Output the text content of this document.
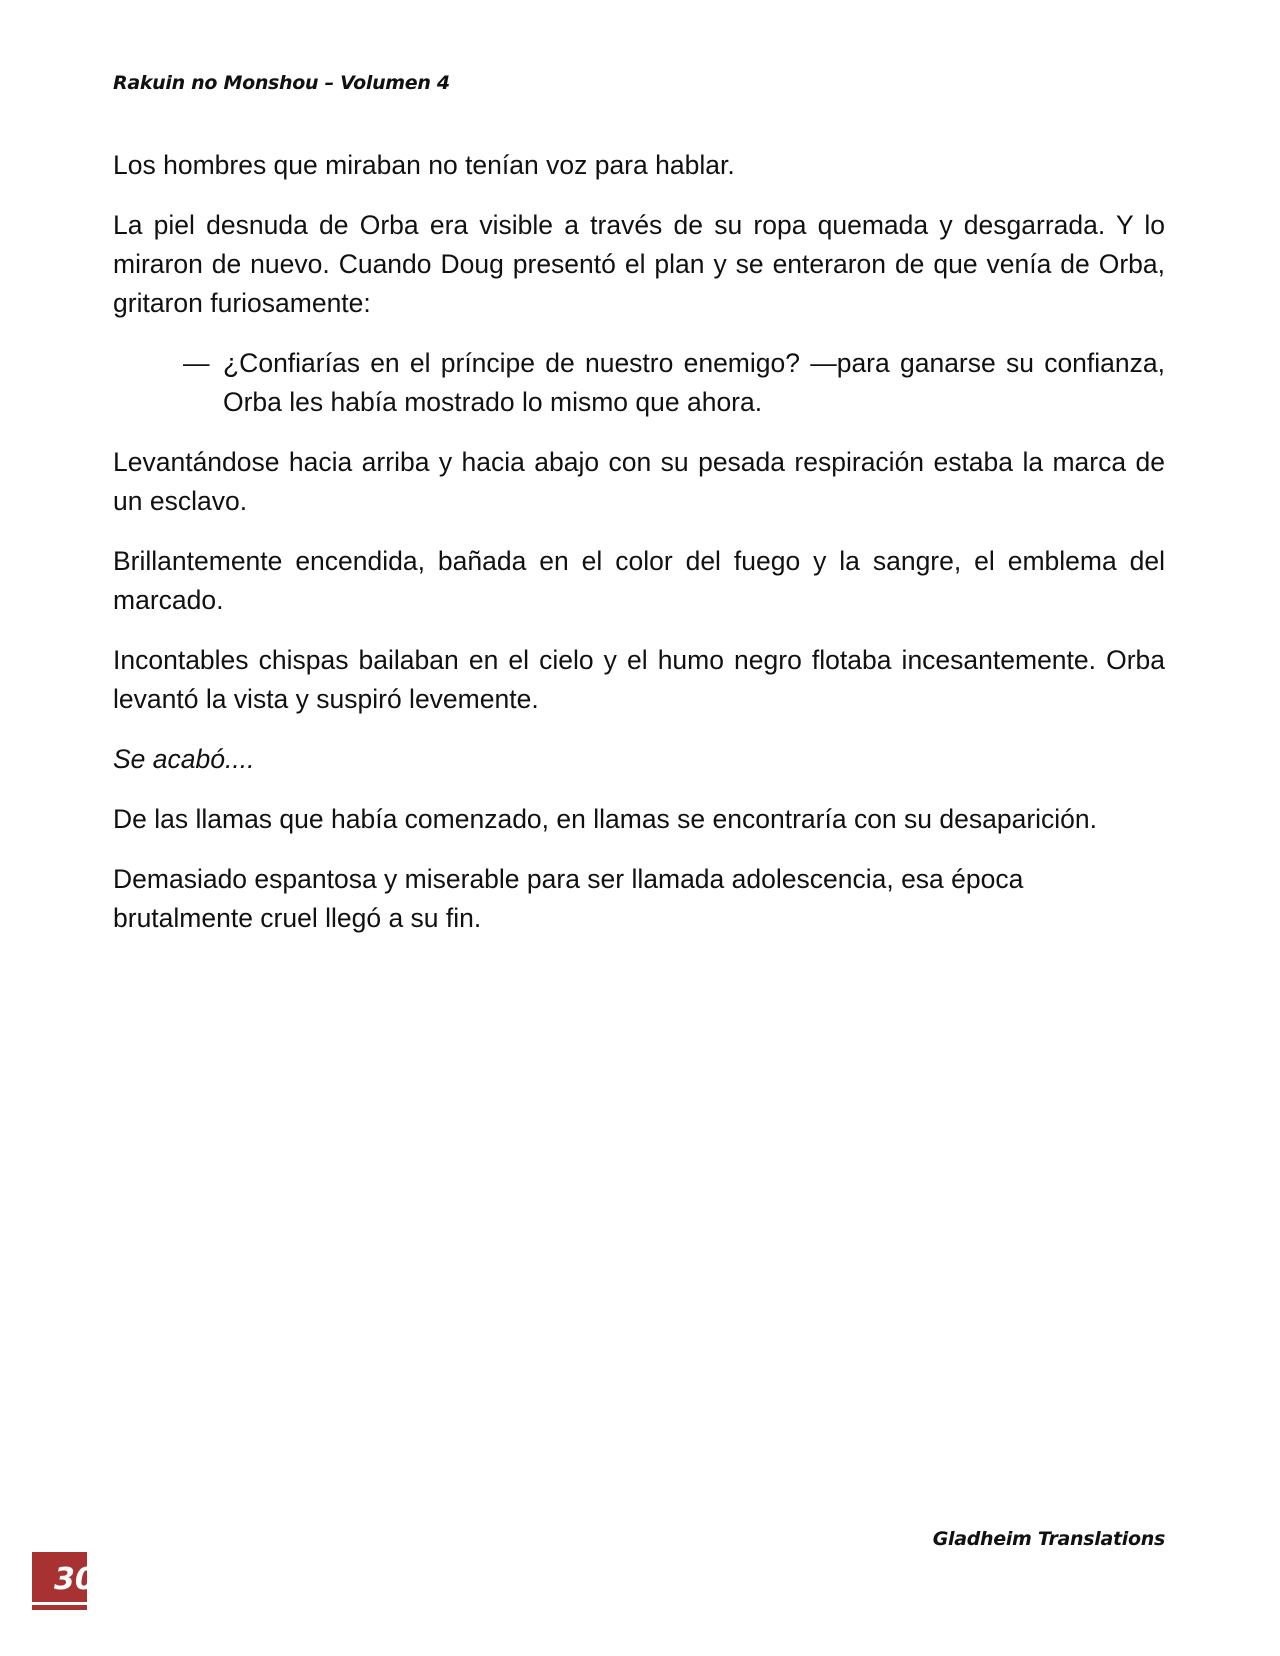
Rakuin no Monshou – Volumen 4

Los hombres que miraban no tenían voz para hablar.

La piel desnuda de Orba era visible a través de su ropa quemada y desgarrada. Y lo miraron de nuevo. Cuando Doug presentó el plan y se enteraron de que venía de Orba, gritaron furiosamente:

— ¿Confiarías en el príncipe de nuestro enemigo? —para ganarse su confianza, Orba les había mostrado lo mismo que ahora.

Levantándose hacia arriba y hacia abajo con su pesada respiración estaba la marca de un esclavo.

Brillantemente encendida, bañada en el color del fuego y la sangre, el emblema del marcado.

Incontables chispas bailaban en el cielo y el humo negro flotaba incesantemente. Orba levantó la vista y suspiró levemente.

Se acabó....

De las llamas que había comenzado, en llamas se encontraría con su desaparición.

Demasiado espantosa y miserable para ser llamada adolescencia, esa época brutalmente cruel llegó a su fin.

Gladheim Translations
30
